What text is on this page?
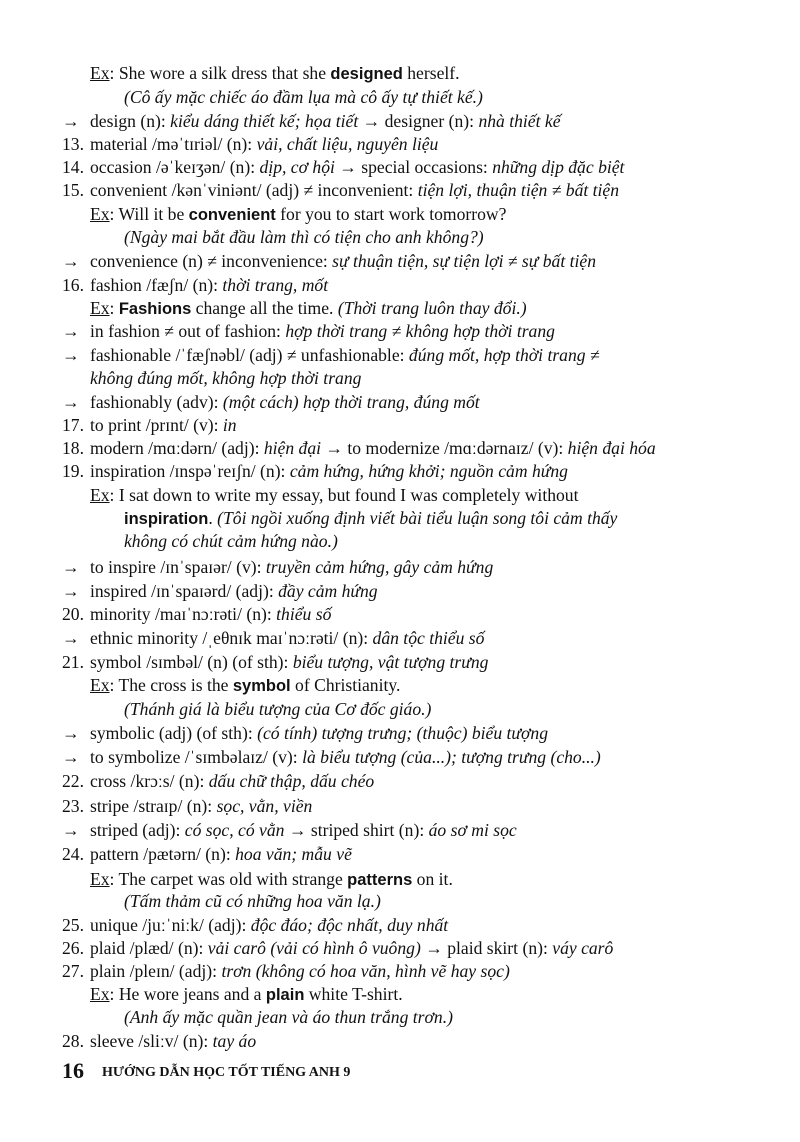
Ex: She wore a silk dress that she designed herself.
(Cô ấy mặc chiếc áo đầm lụa mà cô ấy tự thiết kế.)
→ design (n): kiểu dáng thiết kế; họa tiết → designer (n): nhà thiết kế
13. material /məˈtɪriəl/ (n): vải, chất liệu, nguyên liệu
14. occasion /əˈkeɪʒən/ (n): dịp, cơ hội → special occasions: những dịp đặc biệt
15. convenient /kənˈviniənt/ (adj) ≠ inconvenient: tiện lợi, thuận tiện ≠ bất tiện
Ex: Will it be convenient for you to start work tomorrow?
(Ngày mai bắt đầu làm thì có tiện cho anh không?)
→ convenience (n) ≠ inconvenience: sự thuận tiện, sự tiện lợi ≠ sự bất tiện
16. fashion /fæʃn/ (n): thời trang, mốt
Ex: Fashions change all the time. (Thời trang luôn thay đổi.)
→ in fashion ≠ out of fashion: hợp thời trang ≠ không hợp thời trang
→ fashionable /ˈfæʃnəbl/ (adj) ≠ unfashionable: đúng mốt, hợp thời trang ≠
không đúng mốt, không hợp thời trang
→ fashionably (adv): (một cách) hợp thời trang, đúng mốt
17. to print /prɪnt/ (v): in
18. modern /mɑːdərn/ (adj): hiện đại → to modernize /mɑːdərnaɪz/ (v): hiện đại hóa
19. inspiration /ɪnspəˈreɪʃn/ (n): cảm hứng, hứng khởi; nguồn cảm hứng
Ex: I sat down to write my essay, but found I was completely without
inspiration. (Tôi ngồi xuống định viết bài tiểu luận song tôi cảm thấy
không có chút cảm hứng nào.)
→ to inspire /ɪnˈspaɪər/ (v): truyền cảm hứng, gây cảm hứng
→ inspired /ɪnˈspaɪərd/ (adj): đầy cảm hứng
20. minority /maɪˈnɔːrəti/ (n): thiểu số
→ ethnic minority /ˌeθnɪk maɪˈnɔːrəti/ (n): dân tộc thiểu số
21. symbol /sɪmbəl/ (n) (of sth): biểu tượng, vật tượng trưng
Ex: The cross is the symbol of Christianity.
(Thánh giá là biểu tượng của Cơ đốc giáo.)
→ symbolic (adj) (of sth): (có tính) tượng trưng; (thuộc) biểu tượng
→ to symbolize /ˈsɪmbəlaɪz/ (v): là biểu tượng (của...); tượng trưng (cho...)
22. cross /krɔːs/ (n): dấu chữ thập, dấu chéo
23. stripe /straɪp/ (n): sọc, vằn, viền
→ striped (adj): có sọc, có vằn → striped shirt (n): áo sơ mi sọc
24. pattern /pætərn/ (n): hoa văn; mẫu vẽ
Ex: The carpet was old with strange patterns on it.
(Tấm thảm cũ có những hoa văn lạ.)
25. unique /juːˈniːk/ (adj): độc đáo; độc nhất, duy nhất
26. plaid /plæd/ (n): vải carô (vải có hình ô vuông) → plaid skirt (n): váy carô
27. plain /pleɪn/ (adj): trơn (không có hoa văn, hình vẽ hay sọc)
Ex: He wore jeans and a plain white T-shirt.
(Anh ấy mặc quần jean và áo thun trắng trơn.)
28. sleeve /sliːv/ (n): tay áo
16 HƯỚNG DẪN HỌC TỐT TIẾNG ANH 9
